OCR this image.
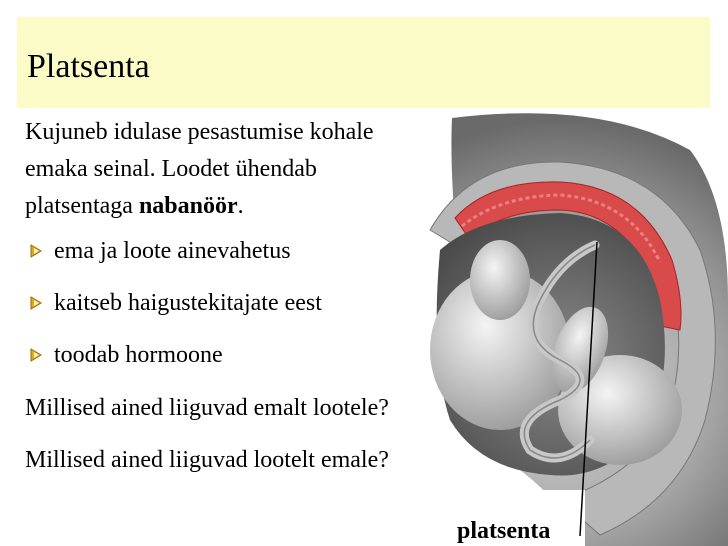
Platsenta
Kujuneb idulase pesastumise kohale
emaka seinal. Loodet ühendab
platsentaga nabanöör.
ema ja loote ainevahetus
kaitseb haigustekitajate eest
toodab hormoone
Millised ained liiguvad emalt lootele?
Millised ained liiguvad lootelt emale?
platsenta
